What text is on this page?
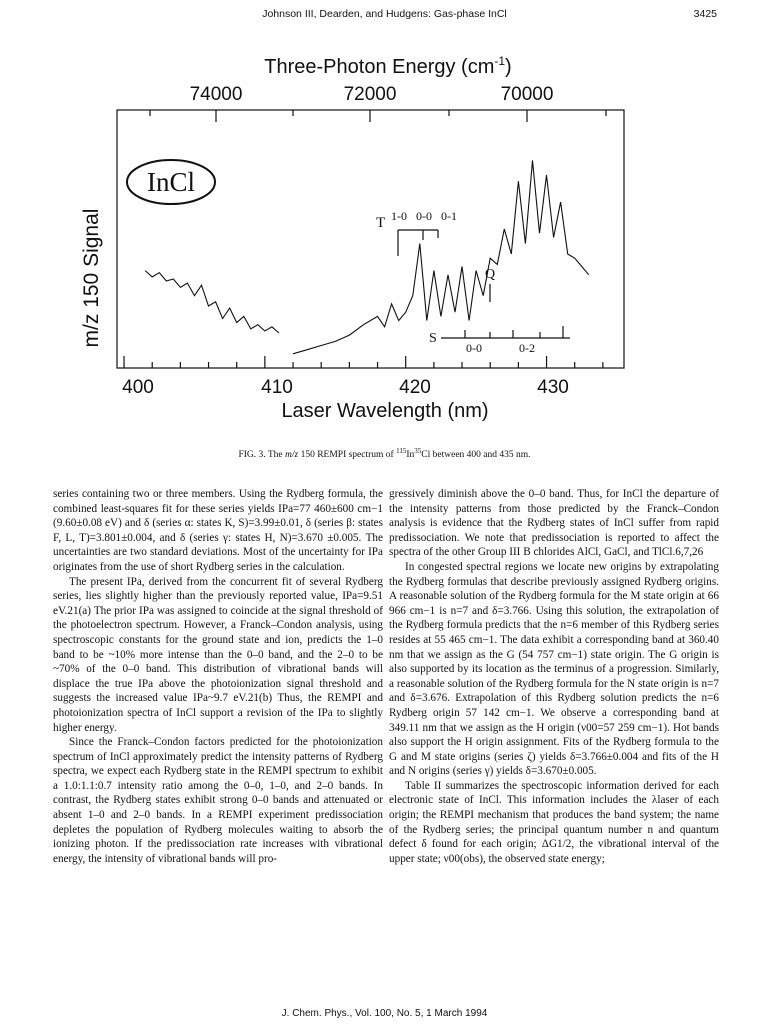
Johnson III, Dearden, and Hudgens: Gas-phase InCl	3425
Three-Photon Energy $(cm^{-1})$
74000	72000	70000
400	410	420	430
Laser Wavelength (nm)
m/z 150 Signal
InCl
T 1-0 0-0 0-1
Q
S
0-0	0-2
FIG. 3. The m/z 150 REMPI spectrum of $^{115}$In$^{35}$Cl between 400 and 435 nm.

series containing two or three members. Using the Rydberg formula, the combined least-squares fit for these series yields IPa=77 460±600 cm−1 (9.60±0.08 eV) and δ (series α: states K, S)=3.99±0.01, δ (series β: states F, L, T)=3.801±0.004, and δ (series γ: states H, N)=3.670 ±0.005. The uncertainties are two standard deviations. Most of the uncertainty for IPa originates from the use of short Rydberg series in the calculation.

The present IPa, derived from the concurrent fit of several Rydberg series, lies slightly higher than the previously reported value, IPa=9.51 eV.21(a) The prior IPa was assigned to coincide at the signal threshold of the photoelectron spectrum. However, a Franck–Condon analysis, using spectroscopic constants for the ground state and ion, predicts the 1–0 band to be ~10% more intense than the 0–0 band, and the 2–0 to be ~70% of the 0–0 band. This distribution of vibrational bands will displace the true IPa above the photoionization signal threshold and suggests the increased value IPa~9.7 eV.21(b) Thus, the REMPI and photoionization spectra of InCl support a revision of the IPa to slightly higher energy.

Since the Franck–Condon factors predicted for the photoionization spectrum of InCl approximately predict the intensity patterns of Rydberg spectra, we expect each Rydberg state in the REMPI spectrum to exhibit a 1.0:1.1:0.7 intensity ratio among the 0–0, 1–0, and 2–0 bands. In contrast, the Rydberg states exhibit strong 0–0 bands and attenuated or absent 1–0 and 2–0 bands. In a REMPI experiment predissociation depletes the population of Rydberg molecules waiting to absorb the ionizing photon. If the predissociation rate increases with vibrational energy, the intensity of vibrational bands will pro-

gressively diminish above the 0–0 band. Thus, for InCl the departure of the intensity patterns from those predicted by the Franck–Condon analysis is evidence that the Rydberg states of InCl suffer from rapid predissociation. We note that predissociation is reported to affect the spectra of the other Group III B chlorides AlCl, GaCl, and TlCl.6,7,26

In congested spectral regions we locate new origins by extrapolating the Rydberg formulas that describe previously assigned Rydberg origins. A reasonable solution of the Rydberg formula for the M state origin at 66 966 cm−1 is n=7 and δ=3.766. Using this solution, the extrapolation of the Rydberg formula predicts that the n=6 member of this Rydberg series resides at 55 465 cm−1. The data exhibit a corresponding band at 360.40 nm that we assign as the G (54 757 cm−1) state origin. The G origin is also supported by its location as the terminus of a progression. Similarly, a reasonable solution of the Rydberg formula for the N state origin is n=7 and δ=3.676. Extrapolation of this Rydberg solution predicts the n=6 Rydberg origin 57 142 cm−1. We observe a corresponding band at 349.11 nm that we assign as the H origin (ν00=57 259 cm−1). Hot bands also support the H origin assignment. Fits of the Rydberg formula to the G and M state origins (series ζ) yields δ=3.766±0.004 and fits of the H and N origins (series γ) yields δ=3.670±0.005.

Table II summarizes the spectroscopic information derived for each electronic state of InCl. This information includes the λlaser of each origin; the REMPI mechanism that produces the band system; the name of the Rydberg series; the principal quantum number n and quantum defect δ found for each origin; ΔG1/2, the vibrational interval of the upper state; ν00(obs), the observed state energy;

J. Chem. Phys., Vol. 100, No. 5, 1 March 1994
